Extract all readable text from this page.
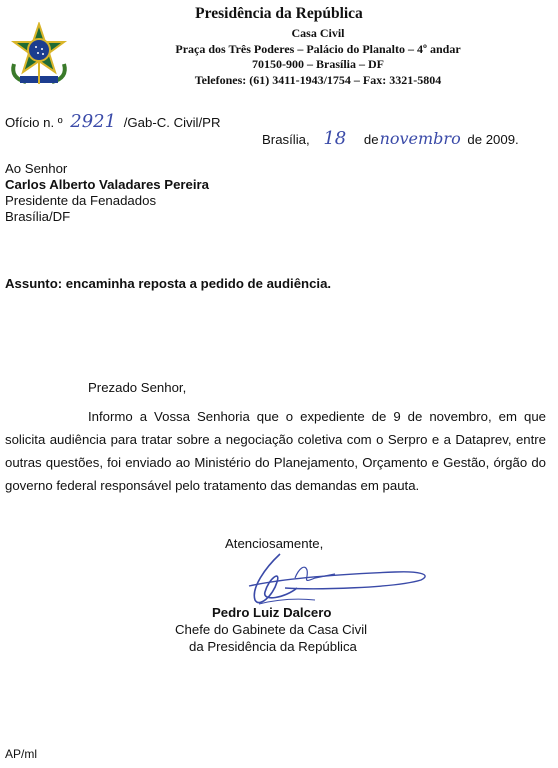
Presidência da República
Casa Civil
Praça dos Três Poderes – Palácio do Planalto – 4º andar
70150-900 – Brasília – DF
Telefones: (61) 3411-1943/1754 – Fax: 3321-5804
Ofício n. º 2921 /Gab-C. Civil/PR
Brasília, 18 denovembro de 2009.
Ao Senhor
Carlos Alberto Valadares Pereira
Presidente da Fenadados
Brasília/DF
Assunto: encaminha reposta a pedido de audiência.
Prezado Senhor,
Informo a Vossa Senhoria que o expediente de 9 de novembro, em que solicita audiência para tratar sobre a negociação coletiva com o Serpro e a Dataprev, entre outras questões, foi enviado ao Ministério do Planejamento, Orçamento e Gestão, órgão do governo federal responsável pelo tratamento das demandas em pauta.
Atenciosamente,
Pedro Luiz Dalcero
Chefe do Gabinete da Casa Civil
da Presidência da República
AP/ml
